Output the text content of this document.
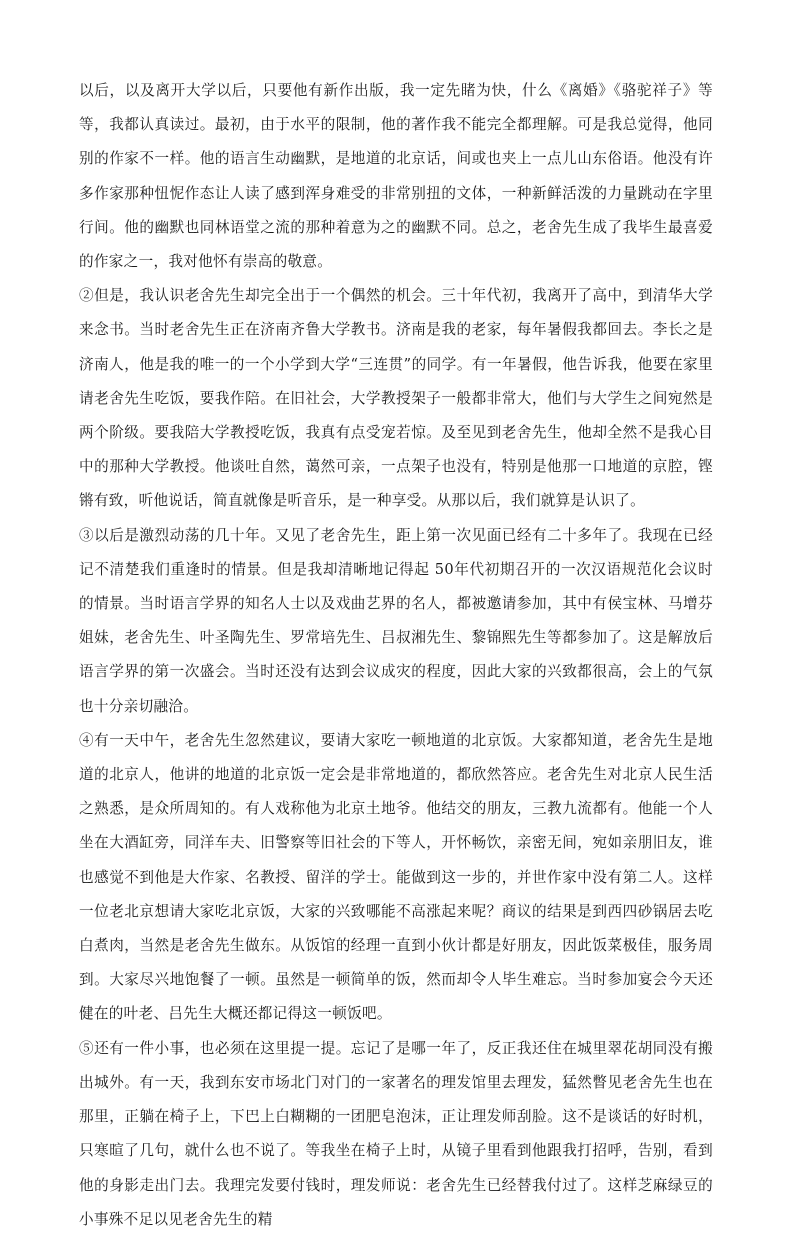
以后，以及离开大学以后，只要他有新作出版，我一定先睹为快，什么《离婚》《骆驼祥子》等等，我都认真读过。最初，由于水平的限制，他的著作我不能完全都理解。可是我总觉得，他同别的作家不一样。他的语言生动幽默，是地道的北京话，间或也夹上一点儿山东俗语。他没有许多作家那种忸怩作态让人读了感到浑身难受的非常别扭的文体，一种新鲜活泼的力量跳动在字里行间。他的幽默也同林语堂之流的那种着意为之的幽默不同。总之，老舍先生成了我毕生最喜爱的作家之一，我对他怀有崇高的敬意。

②但是，我认识老舍先生却完全出于一个偶然的机会。三十年代初，我离开了高中，到清华大学来念书。当时老舍先生正在济南齐鲁大学教书。济南是我的老家，每年暑假我都回去。李长之是济南人，他是我的唯一的一个小学到大学“三连贯”的同学。有一年暑假，他告诉我，他要在家里请老舍先生吃饭，要我作陪。在旧社会，大学教授架子一般都非常大，他们与大学生之间宛然是两个阶级。要我陪大学教授吃饭，我真有点受宠若惊。及至见到老舍先生，他却全然不是我心目中的那种大学教授。他谈吐自然，蔼然可亲，一点架子也没有，特别是他那一口地道的京腔，铿锵有致，听他说话，简直就像是听音乐，是一种享受。从那以后，我们就算是认识了。

③以后是激烈动荡的几十年。又见了老舍先生，距上第一次见面已经有二十多年了。我现在已经记不清楚我们重逢时的情景。但是我却清晰地记得起 50年代初期召开的一次汉语规范化会议时的情景。当时语言学界的知名人士以及戏曲艺界的名人，都被邀请参加，其中有侯宝林、马增芬姐妹，老舍先生、叶圣陶先生、罗常培先生、吕叔湘先生、黎锦熙先生等都参加了。这是解放后语言学界的第一次盛会。当时还没有达到会议成灾的程度，因此大家的兴致都很高，会上的气氛也十分亲切融洽。

④有一天中午，老舍先生忽然建议，要请大家吃一顿地道的北京饭。大家都知道，老舍先生是地道的北京人，他讲的地道的北京饭一定会是非常地道的，都欣然答应。老舍先生对北京人民生活之熟悉，是众所周知的。有人戏称他为北京土地爷。他结交的朋友，三教九流都有。他能一个人坐在大酒缸旁，同洋车夫、旧警察等旧社会的下等人，开怀畅饮，亲密无间，宛如亲朋旧友，谁也感觉不到他是大作家、名教授、留洋的学士。能做到这一步的，并世作家中没有第二人。这样一位老北京想请大家吃北京饭，大家的兴致哪能不高涨起来呢？商议的结果是到西四砂锅居去吃白煮肉，当然是老舍先生做东。从饭馆的经理一直到小伙计都是好朋友，因此饭菜极佳，服务周到。大家尽兴地饱餐了一顿。虽然是一顿简单的饭，然而却令人毕生难忘。当时参加宴会今天还健在的叶老、吕先生大概还都记得这一顿饭吧。

⑤还有一件小事，也必须在这里提一提。忘记了是哪一年了，反正我还住在城里翠花胡同没有搬出城外。有一天，我到东安市场北门对门的一家著名的理发馆里去理发，猛然瞥见老舍先生也在那里，正躺在椅子上，下巴上白糊糊的一团肥皂泡沫，正让理发师刮脸。这不是谈话的好时机，只寒暄了几句，就什么也不说了。等我坐在椅子上时，从镜子里看到他跟我打招呼，告别，看到他的身影走出门去。我理完发要付钱时，理发师说：老舍先生已经替我付过了。这样芝麻绿豆的小事殊不足以见老舍先生的精
